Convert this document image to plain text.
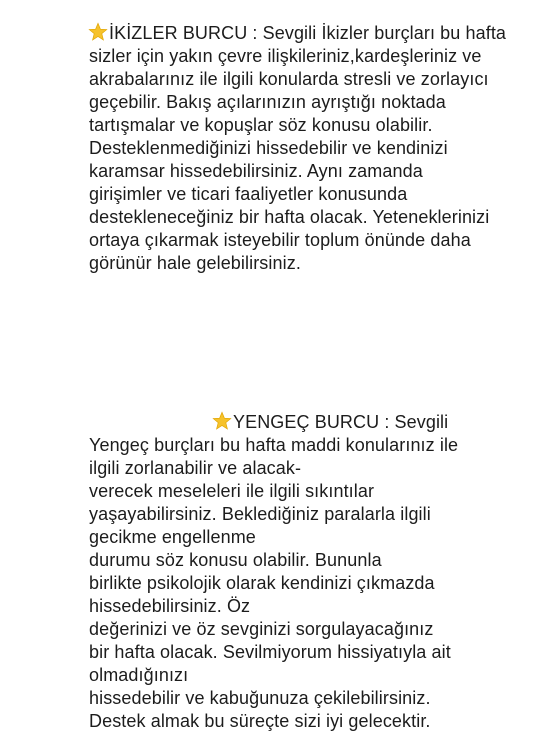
İKİZLER BURCU : Sevgili İkizler burçları bu hafta
sizler için yakın çevre ilişkileriniz,kardeşleriniz ve
akrabalarınız ile ilgili konularda stresli ve zorlayıcı
geçebilir. Bakış açılarınızın ayrıştığı noktada
tartışmalar ve kopuşlar söz konusu olabilir.
Desteklenmediğinizi hissedebilir ve kendinizi
karamsar hissedebilirsiniz. Aynı zamanda
girişimler ve ticari faaliyetler konusunda
destekleneceğiniz bir hafta olacak. Yeteneklerinizi
ortaya çıkarmak isteyebilir toplum önünde daha
görünür hale gelebilirsiniz.
YENGEÇ BURCU : Sevgili
Yengeç burçları bu hafta maddi konularınız ile
ilgili zorlanabilir ve alacak-
verecek meseleleri ile ilgili sıkıntılar
yaşayabilirsiniz. Beklediğiniz paralarla ilgili
gecikme engellenme
durumu söz konusu olabilir. Bununla
birlikte psikolojik olarak kendinizi çıkmazda
hissedebilirsiniz. Öz
değerinizi ve öz sevginizi sorgulayacağınız
bir hafta olacak. Sevilmiyorum hissiyatıyla ait
olmadığınızı
hissedebilir ve kabuğunuza çekilebilirsiniz.
Destek almak bu süreçte sizi iyi gelecektir.
